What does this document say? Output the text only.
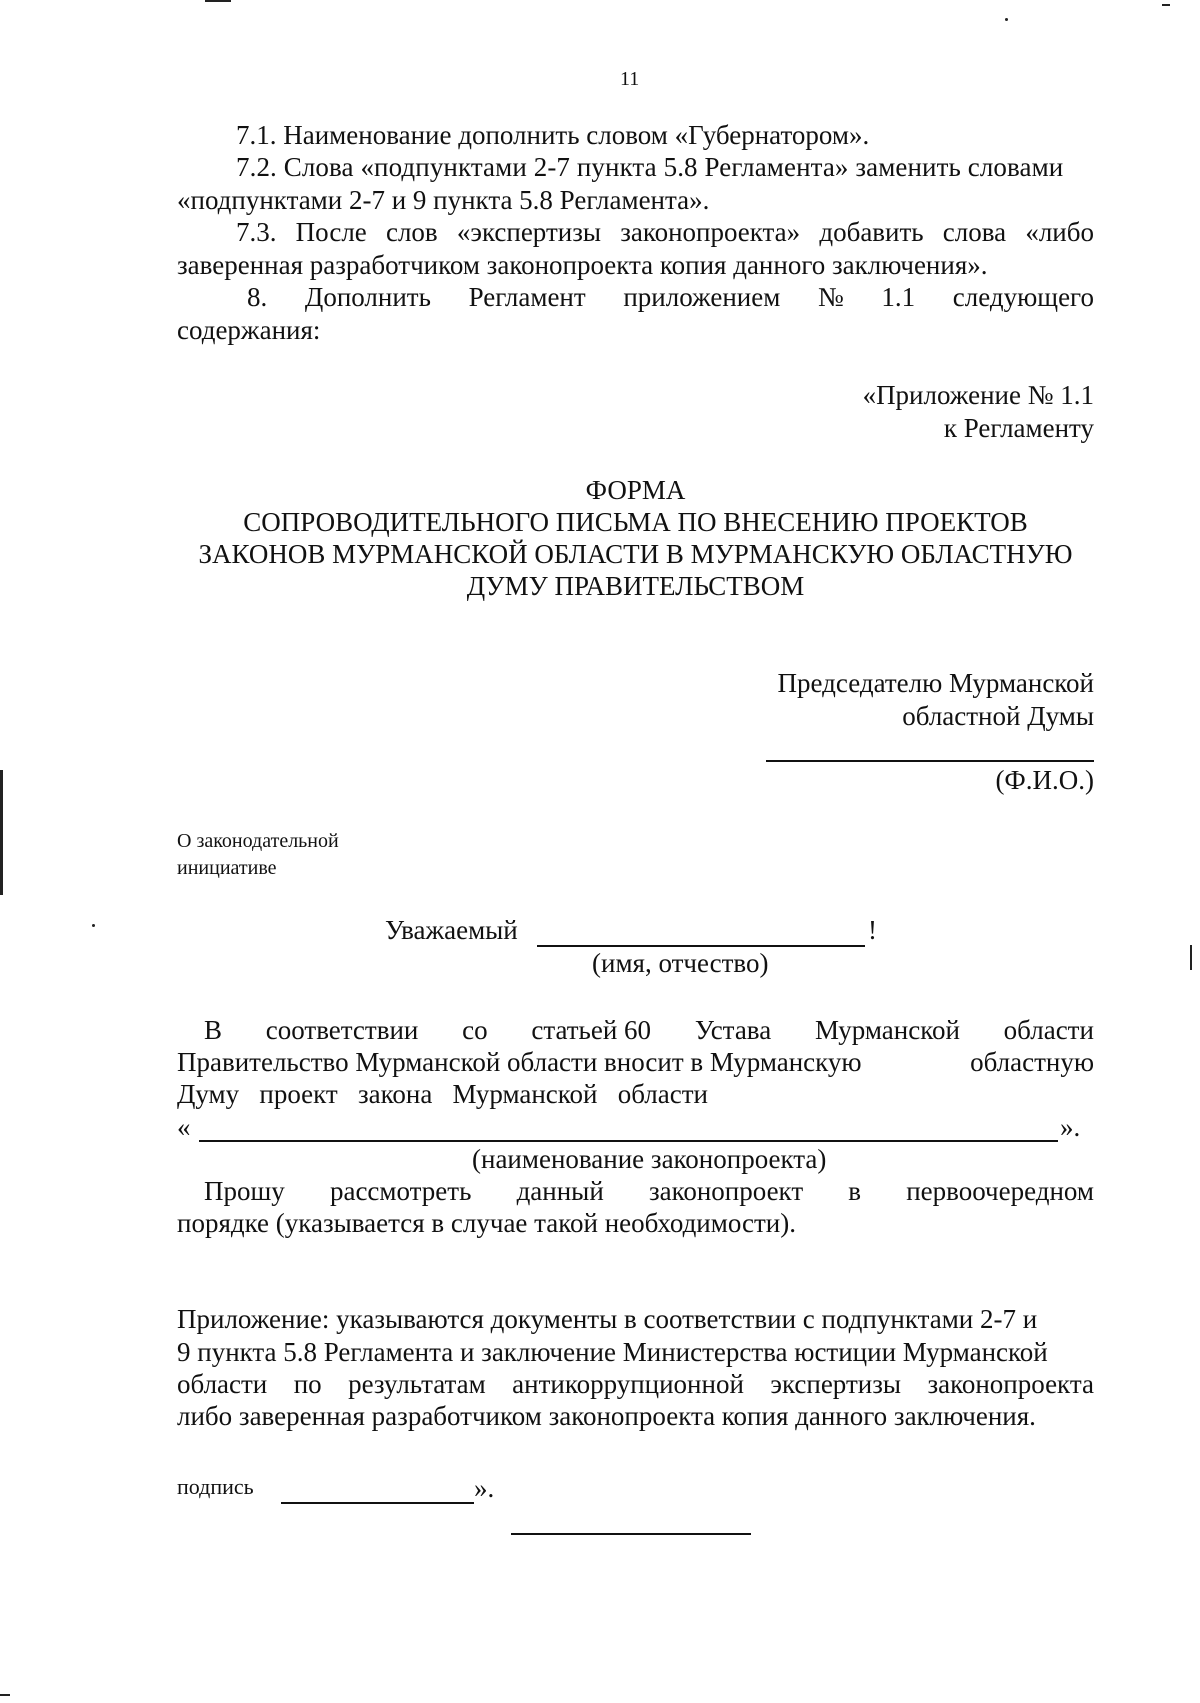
11
7.1. Наименование дополнить словом «Губернатором».
7.2. Слова «подпунктами 2-7 пункта 5.8 Регламента» заменить словами
«подпунктами 2-7 и 9 пункта 5.8 Регламента».
7.3. После слов «экспертизы законопроекта» добавить слова «либо
заверенная разработчиком законопроекта копия данного заключения».
8. Дополнить Регламент приложением № 1.1 следующего
содержания:
«Приложение № 1.1
к Регламенту
ФОРМА
СОПРОВОДИТЕЛЬНОГО ПИСЬМА ПО ВНЕСЕНИЮ ПРОЕКТОВ
ЗАКОНОВ МУРМАНСКОЙ ОБЛАСТИ В МУРМАНСКУЮ ОБЛАСТНУЮ
ДУМУ ПРАВИТЕЛЬСТВОМ
Председателю Мурманской
областной Думы
(Ф.И.О.)
О законодательной
инициативе
Уважаемый	!
(имя, отчество)
В соответствии со статьей 60 Устава Мурманской области
Правительство Мурманской области вносит в Мурманскую	областную
Думу   проект   закона   Мурманской   области
«	».
(наименование законопроекта)
Прошу рассмотреть данный законопроект в первоочередном
порядке (указывается в случае такой необходимости).
Приложение: указываются документы в соответствии с подпунктами 2-7 и
9 пункта 5.8 Регламента и заключение Министерства юстиции Мурманской
области по результатам антикоррупционной экспертизы законопроекта
либо заверенная разработчиком законопроекта копия данного заключения.
подпись	».
